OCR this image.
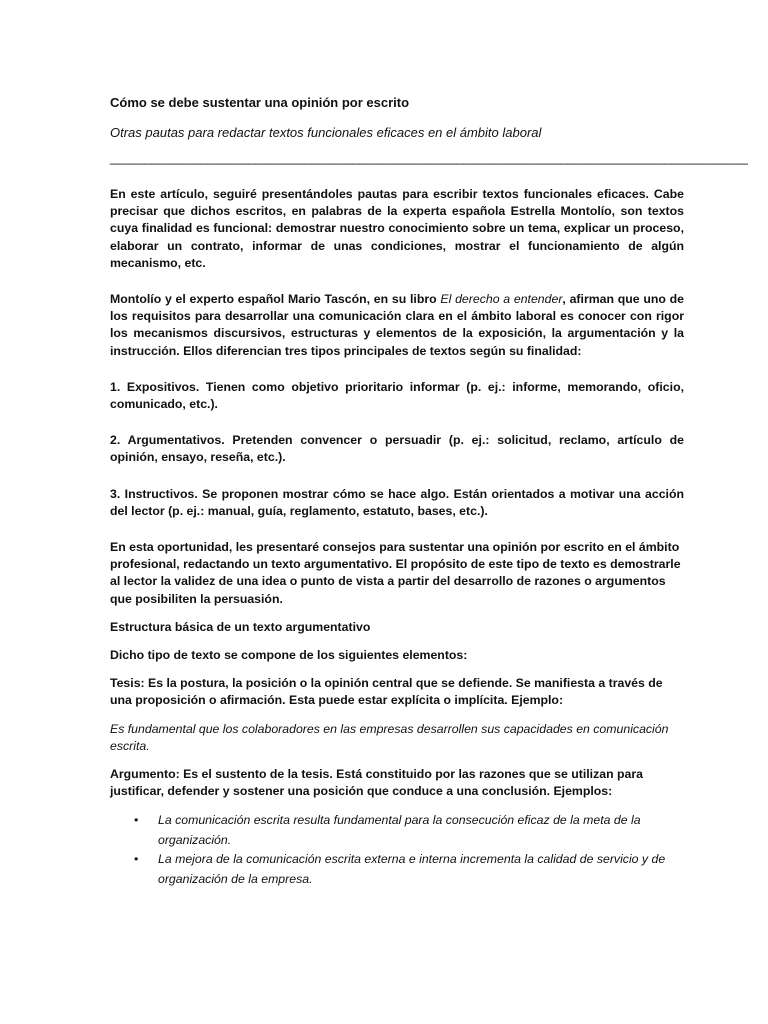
Cómo se debe sustentar una opinión por escrito
Otras pautas para redactar textos funcionales eficaces en el ámbito laboral
____________________________________________________________________________________________

En este artículo, seguiré presentándoles pautas para escribir textos funcionales eficaces. Cabe precisar que dichos escritos, en palabras de la experta española Estrella Montolío, son textos cuya finalidad es funcional: demostrar nuestro conocimiento sobre un tema, explicar un proceso, elaborar un contrato, informar de unas condiciones, mostrar el funcionamiento de algún mecanismo, etc.

Montolío y el experto español Mario Tascón, en su libro El derecho a entender, afirman que uno de los requisitos para desarrollar una comunicación clara en el ámbito laboral es conocer con rigor los mecanismos discursivos, estructuras y elementos de la exposición, la argumentación y la instrucción. Ellos diferencian tres tipos principales de textos según su finalidad:

1. Expositivos. Tienen como objetivo prioritario informar (p. ej.: informe, memorando, oficio, comunicado, etc.).

2. Argumentativos. Pretenden convencer o persuadir (p. ej.: solicitud, reclamo, artículo de opinión, ensayo, reseña, etc.).

3. Instructivos. Se proponen mostrar cómo se hace algo. Están orientados a motivar una acción del lector (p. ej.: manual, guía, reglamento, estatuto, bases, etc.).

En esta oportunidad, les presentaré consejos para sustentar una opinión por escrito en el ámbito profesional, redactando un texto argumentativo. El propósito de este tipo de texto es demostrarle al lector la validez de una idea o punto de vista a partir del desarrollo de razones o argumentos que posibiliten la persuasión.

Estructura básica de un texto argumentativo

Dicho tipo de texto se compone de los siguientes elementos:

Tesis: Es la postura, la posición o la opinión central que se defiende. Se manifiesta a través de una proposición o afirmación. Esta puede estar explícita o implícita. Ejemplo:

Es fundamental que los colaboradores en las empresas desarrollen sus capacidades en comunicación escrita.

Argumento: Es el sustento de la tesis. Está constituido por las razones que se utilizan para justificar, defender y sostener una posición que conduce a una conclusión. Ejemplos:

• La comunicación escrita resulta fundamental para la consecución eficaz de la meta de la organización.
• La mejora de la comunicación escrita externa e interna incrementa la calidad de servicio y de organización de la empresa.
